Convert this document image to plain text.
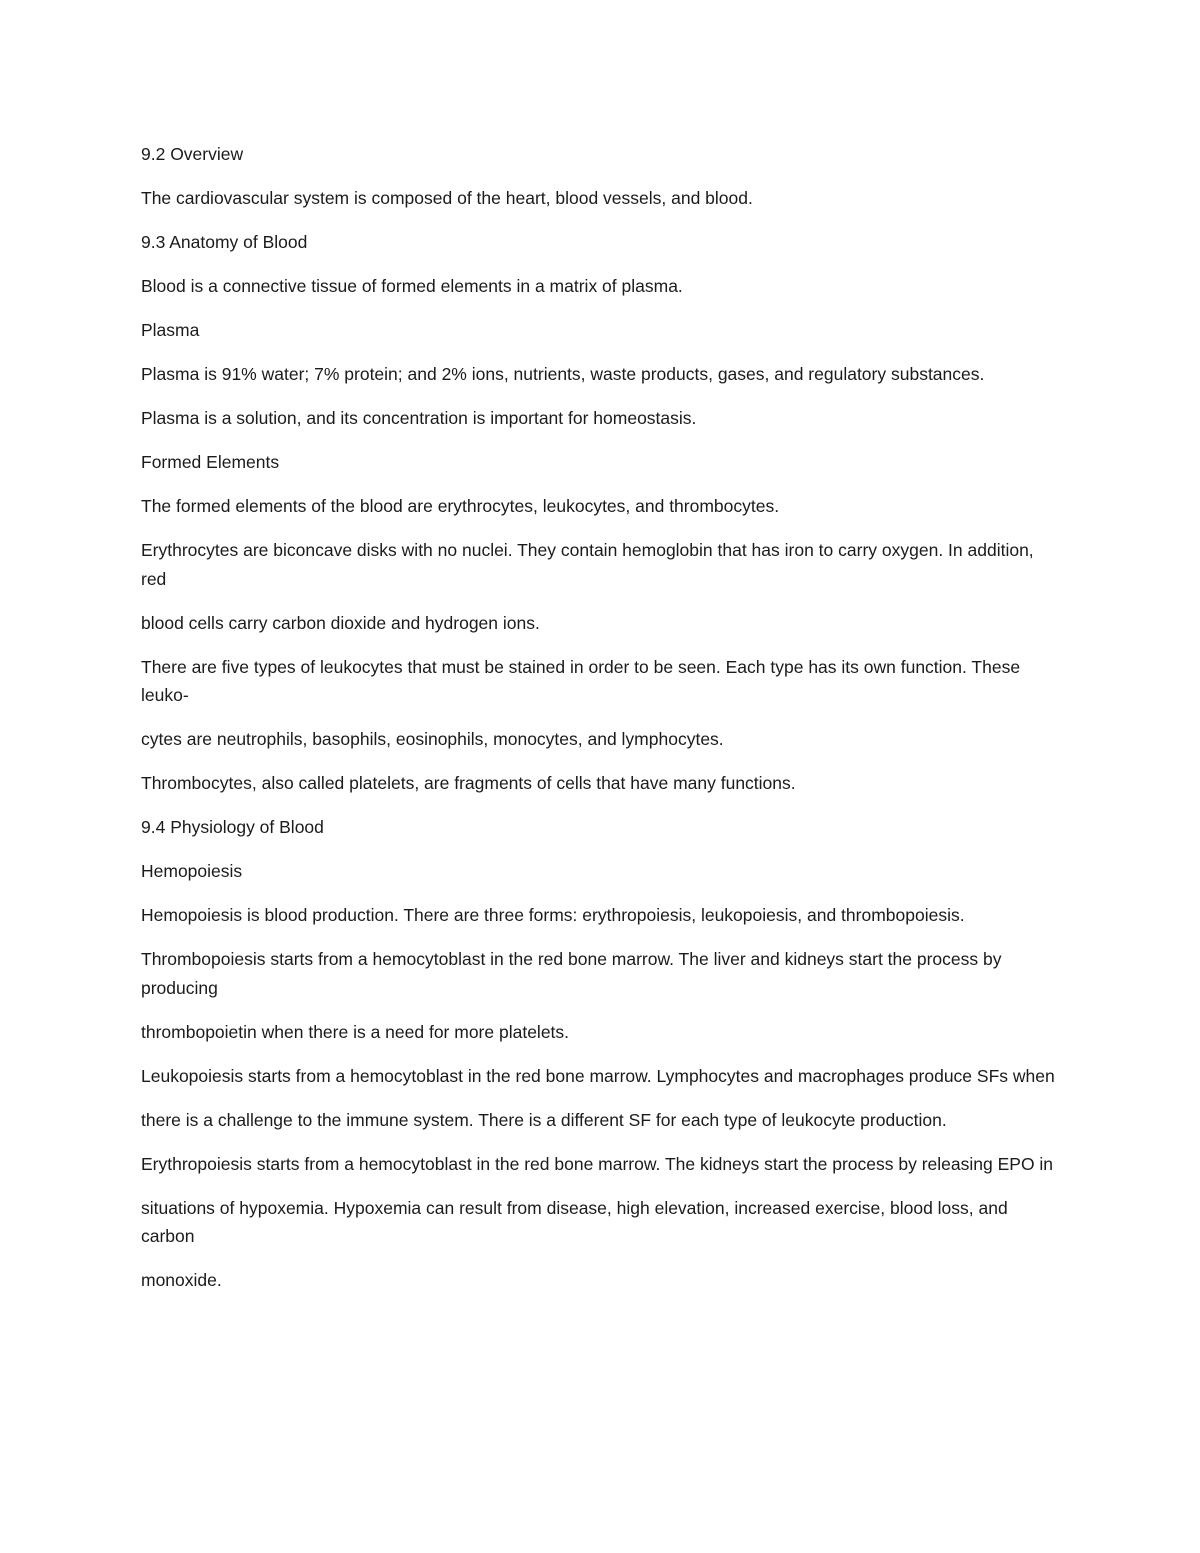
9.2 Overview

The cardiovascular system is composed of the heart, blood vessels, and blood.

9.3 Anatomy of Blood

Blood is a connective tissue of formed elements in a matrix of plasma.

Plasma

Plasma is 91% water; 7% protein; and 2% ions, nutrients, waste products, gases, and regulatory substances.

Plasma is a solution, and its concentration is important for homeostasis.

Formed Elements

The formed elements of the blood are erythrocytes, leukocytes, and thrombocytes.

Erythrocytes are biconcave disks with no nuclei. They contain hemoglobin that has iron to carry oxygen. In addition, red

blood cells carry carbon dioxide and hydrogen ions.

There are five types of leukocytes that must be stained in order to be seen. Each type has its own function. These leuko-

cytes are neutrophils, basophils, eosinophils, monocytes, and lymphocytes.

Thrombocytes, also called platelets, are fragments of cells that have many functions.

9.4 Physiology of Blood

Hemopoiesis

Hemopoiesis is blood production. There are three forms: erythropoiesis, leukopoiesis, and thrombopoiesis.

Thrombopoiesis starts from a hemocytoblast in the red bone marrow. The liver and kidneys start the process by producing

thrombopoietin when there is a need for more platelets.

Leukopoiesis starts from a hemocytoblast in the red bone marrow. Lymphocytes and macrophages produce SFs when

there is a challenge to the immune system. There is a different SF for each type of leukocyte production.

Erythropoiesis starts from a hemocytoblast in the red bone marrow. The kidneys start the process by releasing EPO in

situations of hypoxemia. Hypoxemia can result from disease, high elevation, increased exercise, blood loss, and carbon

monoxide.
